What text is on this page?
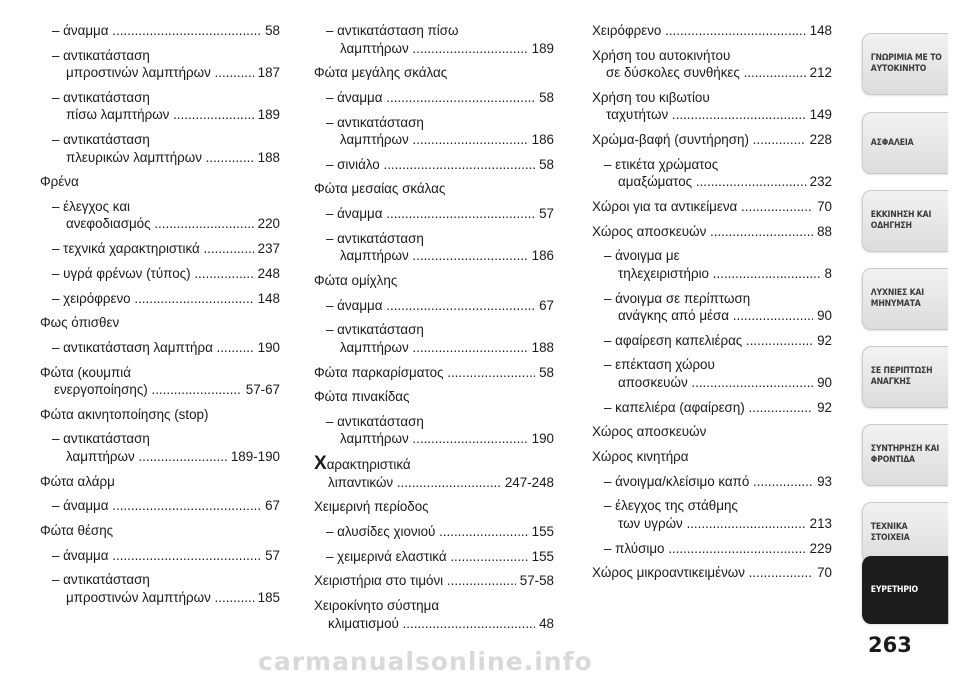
– άναμμα .....	58
– αντικατάσταση
μπροστινών λαμπτήρων .....	187
– αντικατάσταση
πίσω λαμπτήρων .....	189
– αντικατάσταση
πλευρικών λαμπτήρων .....	188
Φρένα
– έλεγχος και
ανεφοδιασμός .....	220
– τεχνικά χαρακτηριστικά .....	237
– υγρά φρένων (τύπος) .....	248
– χειρόφρενο .....	148
Φως όπισθεν
– αντικατάσταση λαμπτήρα .....	190
Φώτα (κουμπιά
ενεργοποίησης) .....	57-67
Φώτα ακινητοποίησης (stop)
– αντικατάσταση
λαμπτήρων .....	189-190
Φώτα αλάρμ
– άναμμα .....	67
Φώτα θέσης
– άναμμα .....	57
– αντικατάσταση
μπροστινών λαμπτήρων .....	185
– αντικατάσταση πίσω
λαμπτήρων .....	189
Φώτα μεγάλης σκάλας
– άναμμα .....	58
– αντικατάσταση
λαμπτήρων .....	186
– σινιάλο .....	58
Φώτα μεσαίας σκάλας
– άναμμα .....	57
– αντικατάσταση
λαμπτήρων .....	186
Φώτα ομίχλης
– άναμμα .....	67
– αντικατάσταση
λαμπτήρων .....	188
Φώτα παρκαρίσματος .....	58
Φώτα πινακίδας
– αντικατάσταση
λαμπτήρων .....	190
Χαρακτηριστικά
λιπαντικών .....	247-248
Χειμερινή περίοδος
– αλυσίδες χιονιού .....	155
– χειμερινά ελαστικά .....	155
Χειριστήρια στο τιμόνι .....	57-58
Χειροκίνητο σύστημα
κλιματισμού .....	48
Χειρόφρενο .....	148
Χρήση του αυτοκινήτου
σε δύσκολες συνθήκες .....	212
Χρήση του κιβωτίου
ταχυτήτων .....	149
Χρώμα-βαφή (συντήρηση) .....	228
– ετικέτα χρώματος
αμαξώματος .....	232
Χώροι για τα αντικείμενα .....	70
Χώρος αποσκευών .....	88
– άνοιγμα με
τηλεχειριστήριο .....	8
– άνοιγμα σε περίπτωση
ανάγκης από μέσα .....	90
– αφαίρεση καπελιέρας .....	92
– επέκταση χώρου
αποσκευών .....	90
– καπελιέρα (αφαίρεση) .....	92
Χώρος αποσκευών
Χώρος κινητήρα
– άνοιγμα/κλείσιμο καπό .....	93
– έλεγχος της στάθμης
των υγρών .....	213
– πλύσιμο .....	229
Χώρος μικροαντικειμένων .....	70
ΓΝΩΡΙΜΙΑ ΜΕ ΤΟ
ΑΥΤΟΚΙΝΗΤΟ
ΑΣΦΑΛΕΙΑ
ΕΚΚΙΝΗΣΗ ΚΑΙ
ΟΔΗΓΗΣΗ
ΛΥΧΝΙΕΣ ΚΑΙ
ΜΗΝΥΜΑΤΑ
ΣΕ ΠΕΡΙΠΤΩΣΗ
ΑΝΑΓΚΗΣ
ΣΥΝΤΗΡΗΣΗ ΚΑΙ
ΦΡΟΝΤΙΔΑ
ΤΕΧΝΙΚΑ ΣΤΟΙΧΕΙΑ
ΕΥΡΕΤΗΡΙΟ
263
carmanualsonline.info
